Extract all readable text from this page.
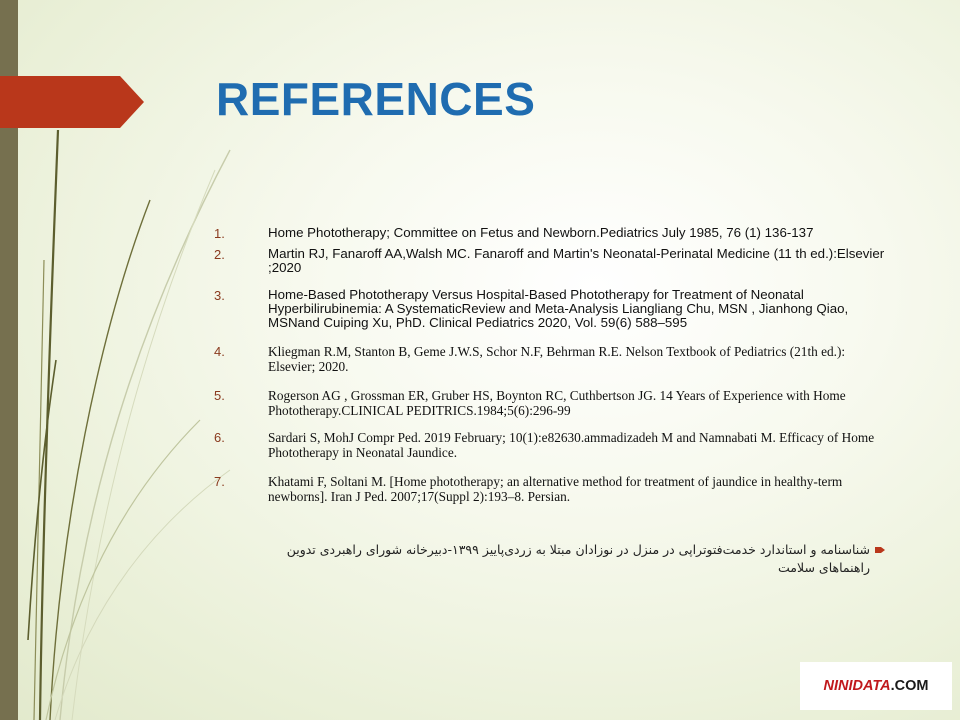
REFERENCES
1.	Home Phototherapy; Committee on Fetus and Newborn.Pediatrics July 1985, 76 (1) 136-137
2.	Martin RJ, Fanaroff AA,Walsh MC. Fanaroff and Martin's Neonatal-Perinatal Medicine (11 th ed.):Elsevier ;2020
3.	Home-Based Phototherapy Versus Hospital-Based Phototherapy for Treatment of Neonatal Hyperbilirubinemia: A SystematicReview and Meta-Analysis Liangliang Chu, MSN , Jianhong Qiao, MSNand Cuiping Xu, PhD. Clinical Pediatrics 2020, Vol. 59(6) 588–595
4.	Kliegman R.M, Stanton B, Geme J.W.S, Schor N.F, Behrman R.E. Nelson Textbook of Pediatrics (21th ed.): Elsevier; 2020.
5.	Rogerson AG , Grossman ER, Gruber HS, Boynton RC, Cuthbertson JG. 14 Years of Experience with Home Phototherapy.CLINICAL PEDITRICS.1984;5(6):296-99
6.	Sardari S, MohJ Compr Ped. 2019 February; 10(1):e82630.ammadizadeh M and Namnabati M. Efficacy of Home Phototherapy in Neonatal Jaundice.
7.	Khatami F, Soltani M. [Home phototherapy; an alternative method for treatment of jaundice in healthy-term newborns]. Iran J Ped. 2007;17(Suppl 2):193–8. Persian.
شناسنامه و استاندارد خدمت‌فتوتراپی در منزل در نوزادان مبتلا به زردی‌پاییز ۱۳۹۹-دبیرخانه شورای راهبردی تدوین راهنماهای سلامت
NINIDATA .COM
